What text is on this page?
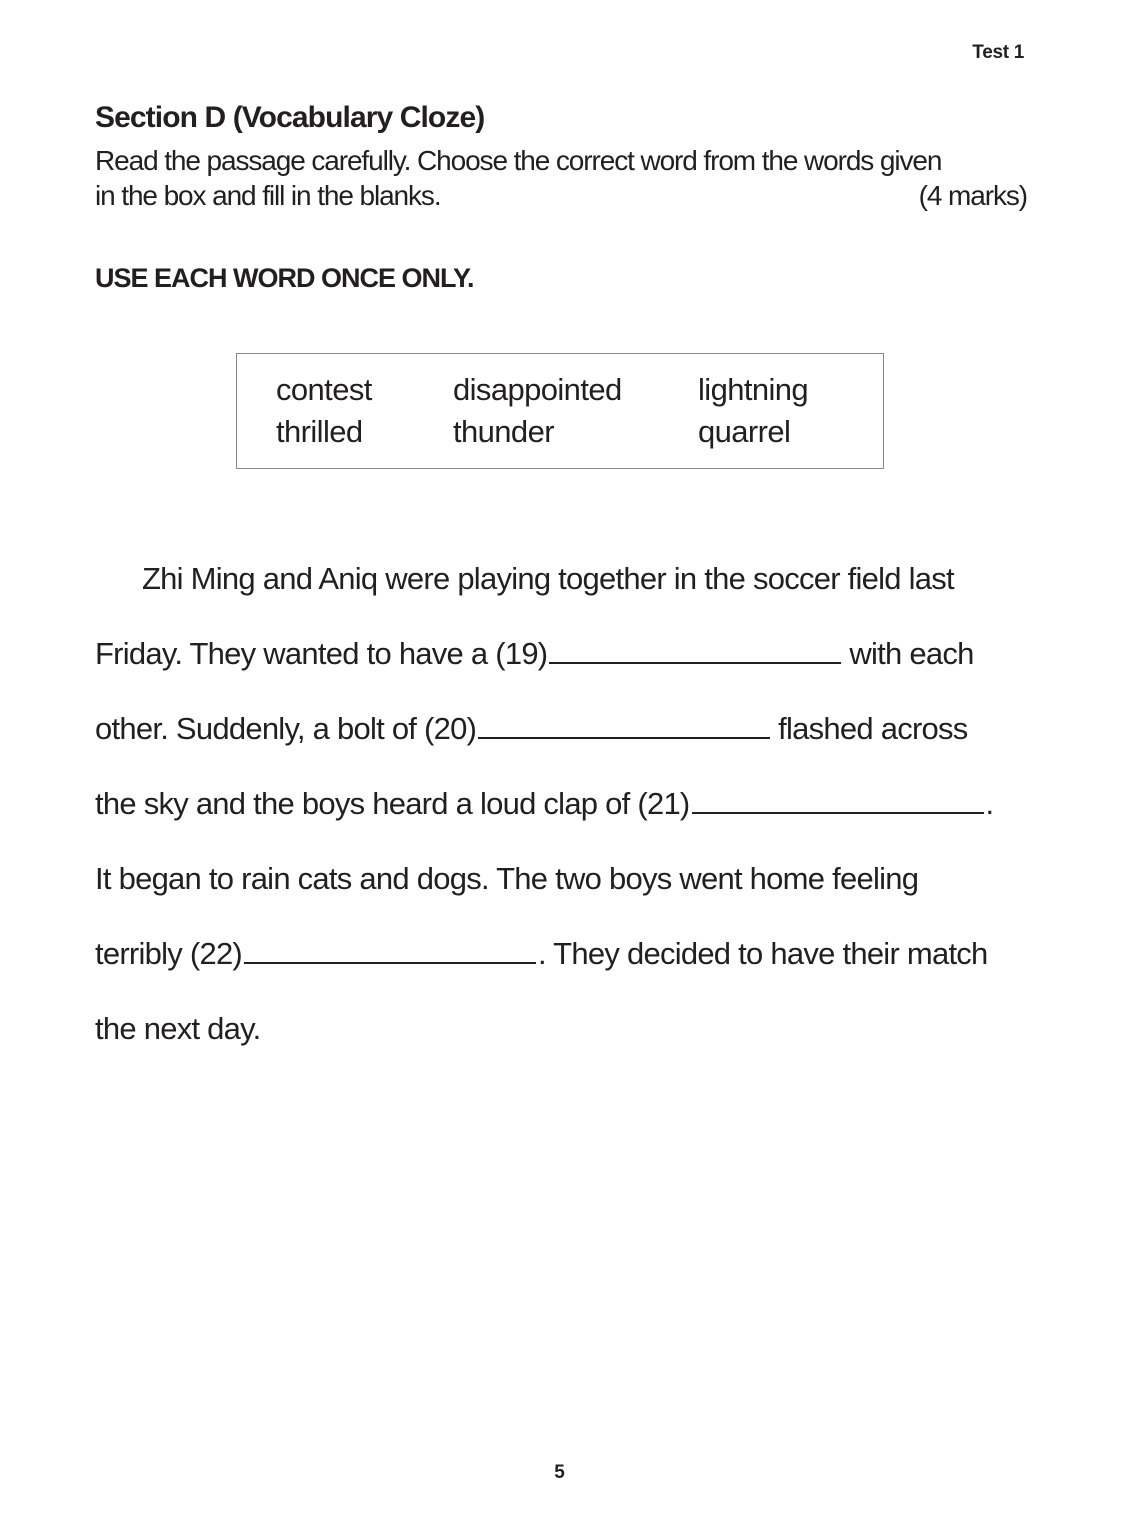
Test 1
Section D (Vocabulary Cloze)
Read the passage carefully. Choose the correct word from the words given
in the box and fill in the blanks.	(4 marks)
USE EACH WORD ONCE ONLY.
contest	disappointed lightning
thrilled	thunder	quarrel
Zhi Ming and Aniq were playing together in the soccer field last
Friday. They wanted to have a (19)	with each
other. Suddenly, a bolt of (20)	flashed across
the sky and the boys heard a loud clap of (21)	.
It began to rain cats and dogs. The two boys went home feeling
terribly (22)	. They decided to have their match
the next day.
5
